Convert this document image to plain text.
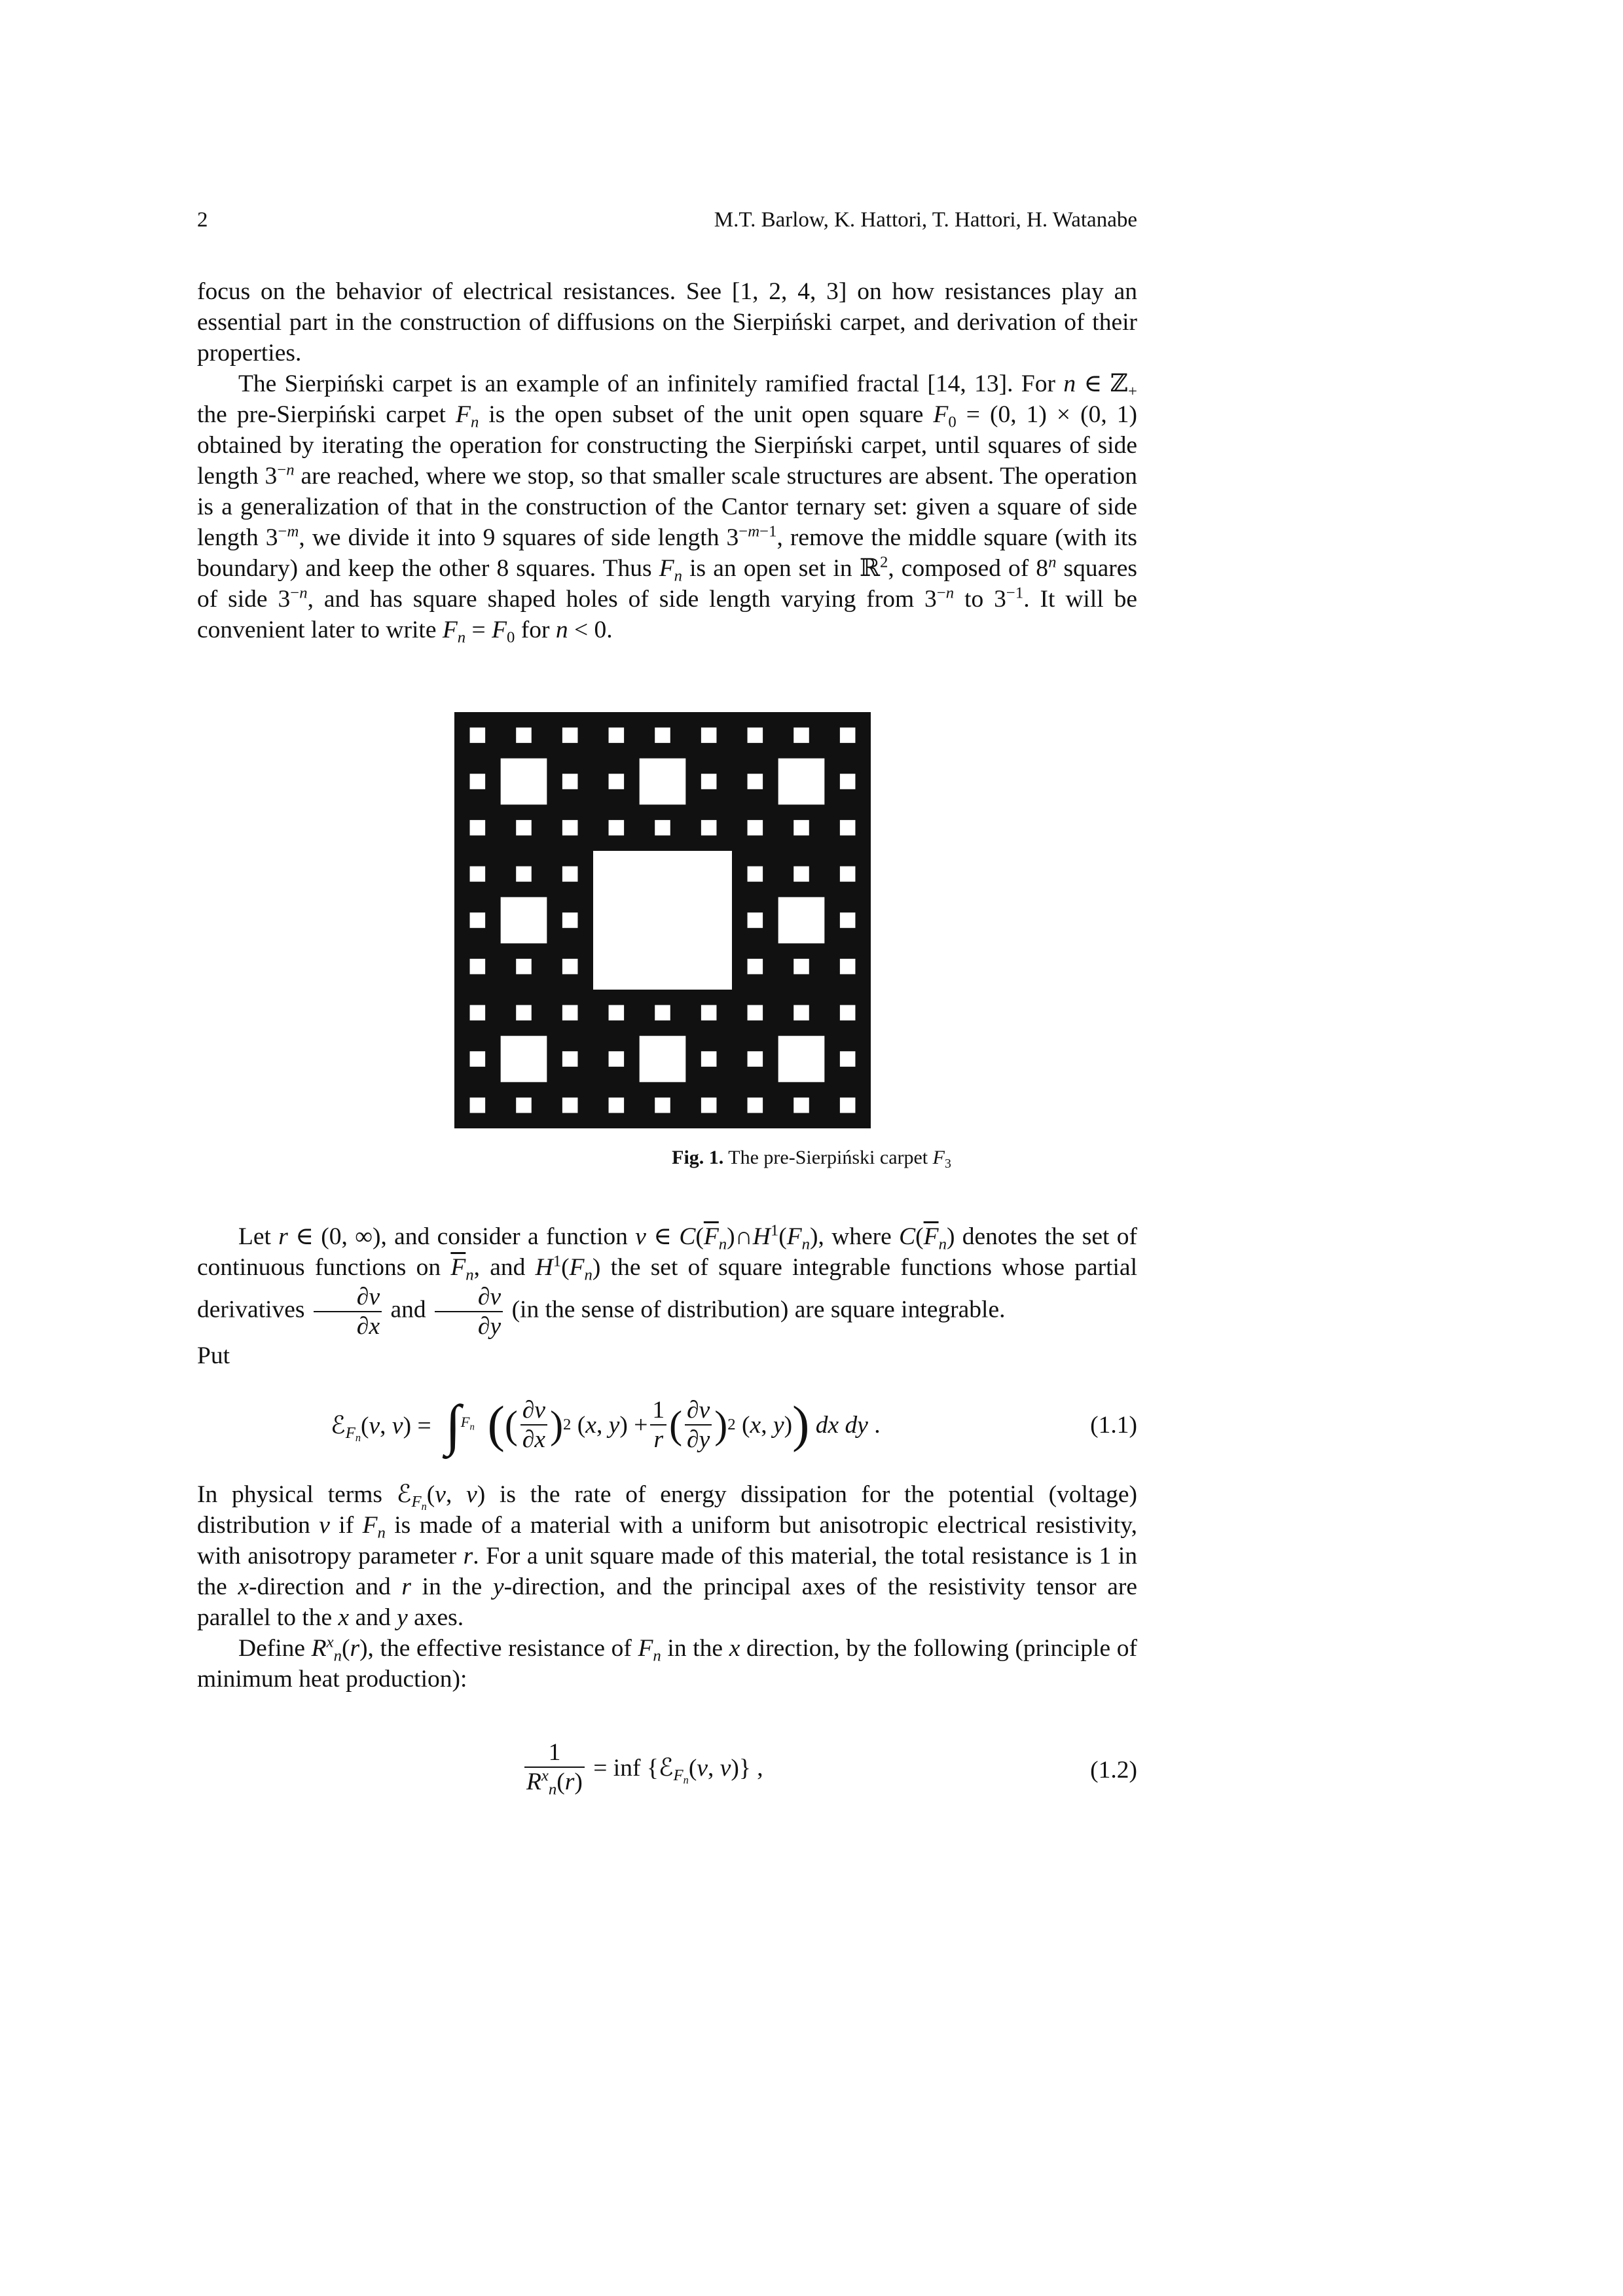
2	M.T. Barlow, K. Hattori, T. Hattori, H. Watanabe
focus on the behavior of electrical resistances. See [1, 2, 4, 3] on how resistances play an essential part in the construction of diffusions on the Sierpiński carpet, and derivation of their properties.
The Sierpiński carpet is an example of an infinitely ramified fractal [14, 13]. For n ∈ ℤ$_+$ the pre-Sierpiński carpet $F_n$ is the open subset of the unit open square $F_0 = (0$, 1) × (0, 1) obtained by iterating the operation for constructing the Sierpiński carpet, until squares of side length $3^{-n}$ are reached, where we stop, so that smaller scale structures are absent. The operation is a generalization of that in the construction of the Cantor ternary set: given a square of side length $3^{-m}$, we divide it into 9 squares of side length $3^{-m-1}$, remove the middle square (with its boundary) and keep the other 8 squares. Thus $F_n$ is an open set in ℝ$^2$, composed of 8$^n$ squares of side $3^{-n}$, and has square shaped holes of side length varying from $3^{-n}$ to $3^{-1}$. It will be convenient later to write $F_n = F_0$ for n < 0.
Fig. 1. The pre-Sierpiński carpet $F_3$
Let r ∈ (0, ∞), and consider a function v ∈ $C(\overline{F}_n)\cap H^1(F_n)$, where $C(\overline{F}_n)$ denotes the set of continuous functions on $\overline{F}_n$, and $H^1(F_n)$ the set of square integrable functions whose partial derivatives $\frac{\partial v}{\partial x}$ and $\frac{\partial v}{\partial y} (in$ the sense of distribution) are square integrable.
Put
ℰ$_{F_n}$(v, v) = ∫ $F_n$ ( ( $\frac{\partial v}{\partial x}$ ) 2 (x, $y) + \frac{1}{r}$ ( $\frac{\partial v}{\partial y}$ ) 2 (x, y) ) dx dy .	(1.1)
In physical terms ℰ$_{F_n}$(v, v) is the rate of energy dissipation for the potential (voltage) distribution v if $F_n$ is made of a material with a uniform but anisotropic electrical resistivity, with anisotropy parameter r. For a unit square made of this material, the total resistance is 1 in the x-direction and r in the y-direction, and the principal axes of the resistivity tensor are parallel to the x and y axes.
Define $R^x_n(r)$, the effective resistance of $F_n$ in the x direction, by the following (principle of minimum heat production):
$\frac{1}{R^x_n(r)}$ = inf {ℰ$_{F_n}$(v, v)} ,	(1.2)
